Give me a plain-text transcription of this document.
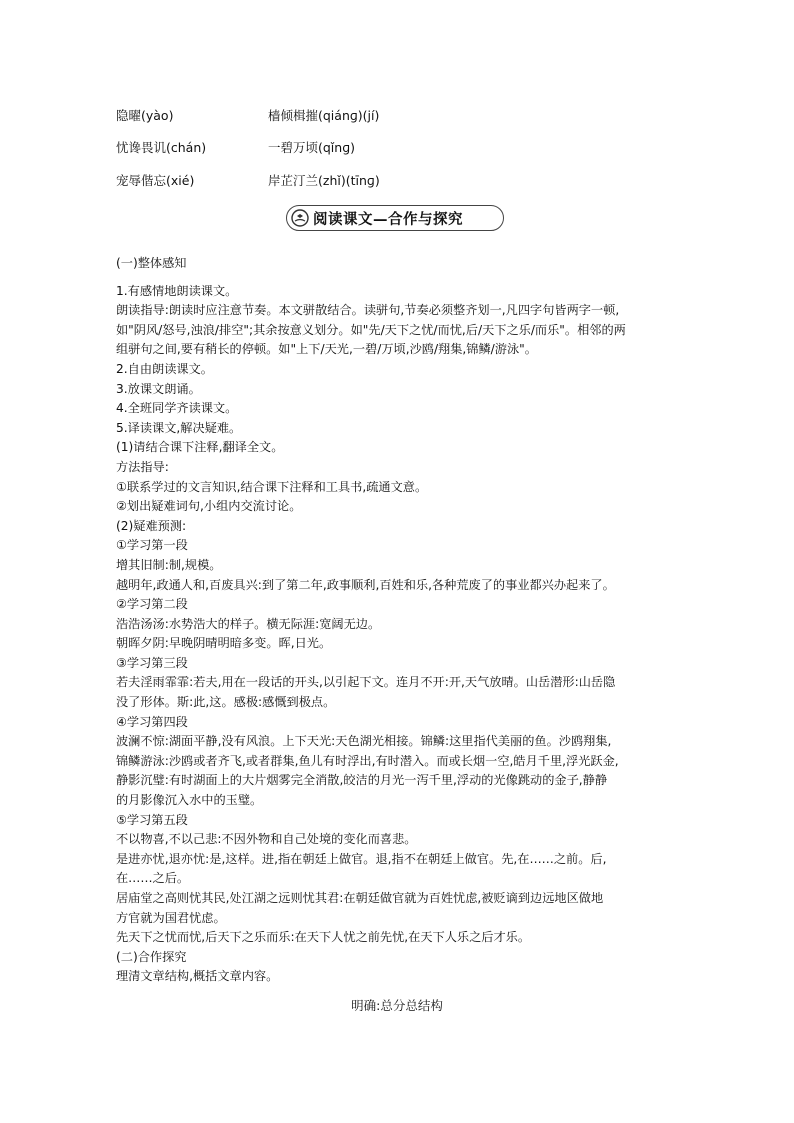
隐曜(yào)	樯倾楫摧(qiánɡ)(jí)
忧谗畏讥(chán)	一碧万顷(qǐnɡ)
宠辱偕忘(xié)	岸芷汀兰(zhǐ)(tīnɡ)
阅读课文—合作与探究
(一)整体感知
1.有感情地朗读课文。
朗读指导:朗读时应注意节奏。本文骈散结合。读骈句,节奏必须整齐划一,凡四字句皆两字一顿,
如"阴风/怒号,浊浪/排空";其余按意义划分。如"先/天下之忧/而忧,后/天下之乐/而乐"。相邻的两
组骈句之间,要有稍长的停顿。如"上下/天光,一碧/万顷,沙鸥/翔集,锦鳞/游泳"。
2.自由朗读课文。
3.放课文朗诵。
4.全班同学齐读课文。
5.译读课文,解决疑难。
(1)请结合课下注释,翻译全文。
方法指导:
①联系学过的文言知识,结合课下注释和工具书,疏通文意。
②划出疑难词句,小组内交流讨论。
(2)疑难预测:
①学习第一段
增其旧制:制,规模。
越明年,政通人和,百废具兴:到了第二年,政事顺利,百姓和乐,各种荒废了的事业都兴办起来了。
②学习第二段
浩浩汤汤:水势浩大的样子。横无际涯:宽阔无边。
朝晖夕阴:早晚阴晴明暗多变。晖,日光。
③学习第三段
若夫淫雨霏霏:若夫,用在一段话的开头,以引起下文。连月不开:开,天气放晴。山岳潜形:山岳隐
没了形体。斯:此,这。感极:感慨到极点。
④学习第四段
波澜不惊:湖面平静,没有风浪。上下天光:天色湖光相接。锦鳞:这里指代美丽的鱼。沙鸥翔集,
锦鳞游泳:沙鸥或者齐飞,或者群集,鱼儿有时浮出,有时潜入。而或长烟一空,皓月千里,浮光跃金,
静影沉璧:有时湖面上的大片烟雾完全消散,皎洁的月光一泻千里,浮动的光像跳动的金子,静静
的月影像沉入水中的玉璧。
⑤学习第五段
不以物喜,不以己悲:不因外物和自己处境的变化而喜悲。
是进亦忧,退亦忧:是,这样。进,指在朝廷上做官。退,指不在朝廷上做官。先,在……之前。后,
在……之后。
居庙堂之高则忧其民,处江湖之远则忧其君:在朝廷做官就为百姓忧虑,被贬谪到边远地区做地
方官就为国君忧虑。
先天下之忧而忧,后天下之乐而乐:在天下人忧之前先忧,在天下人乐之后才乐。
(二)合作探究
理清文章结构,概括文章内容。
明确:总分总结构
